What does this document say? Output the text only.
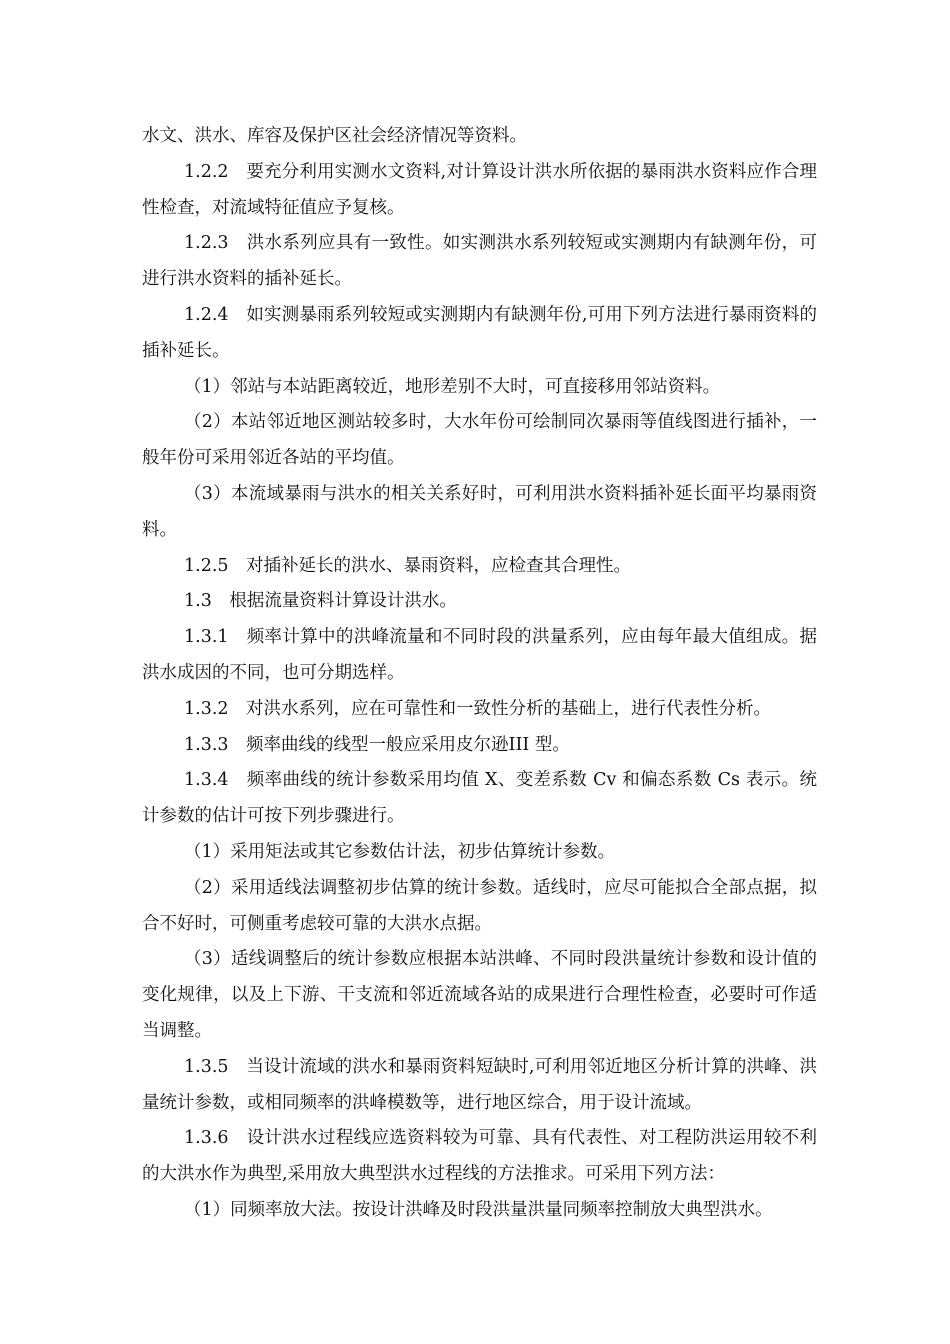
水文、洪水、库容及保护区社会经济情况等资料。

1.2.2　要充分利用实测水文资料,对计算设计洪水所依据的暴雨洪水资料应作合理性检查，对流域特征值应予复核。

1.2.3　洪水系列应具有一致性。如实测洪水系列较短或实测期内有缺测年份，可进行洪水资料的插补延长。

1.2.4　如实测暴雨系列较短或实测期内有缺测年份,可用下列方法进行暴雨资料的插补延长。

（1）邻站与本站距离较近，地形差别不大时，可直接移用邻站资料。

（2）本站邻近地区测站较多时，大水年份可绘制同次暴雨等值线图进行插补，一般年份可采用邻近各站的平均值。

（3）本流域暴雨与洪水的相关关系好时，可利用洪水资料插补延长面平均暴雨资料。

1.2.5　对插补延长的洪水、暴雨资料，应检查其合理性。

1.3　根据流量资料计算设计洪水。

1.3.1　频率计算中的洪峰流量和不同时段的洪量系列，应由每年最大值组成。据洪水成因的不同，也可分期选样。

1.3.2　对洪水系列，应在可靠性和一致性分析的基础上，进行代表性分析。

1.3.3　频率曲线的线型一般应采用皮尔逊III 型。

1.3.4　频率曲线的统计参数采用均值 X、变差系数 Cv 和偏态系数 Cs 表示。统计参数的估计可按下列步骤进行。

（1）采用矩法或其它参数估计法，初步估算统计参数。

（2）采用适线法调整初步估算的统计参数。适线时，应尽可能拟合全部点据，拟合不好时，可侧重考虑较可靠的大洪水点据。

（3）适线调整后的统计参数应根据本站洪峰、不同时段洪量统计参数和设计值的变化规律，以及上下游、干支流和邻近流域各站的成果进行合理性检查，必要时可作适当调整。

1.3.5　当设计流域的洪水和暴雨资料短缺时,可利用邻近地区分析计算的洪峰、洪量统计参数，或相同频率的洪峰模数等，进行地区综合，用于设计流域。

1.3.6　设计洪水过程线应选资料较为可靠、具有代表性、对工程防洪运用较不利的大洪水作为典型,采用放大典型洪水过程线的方法推求。可采用下列方法：

（1）同频率放大法。按设计洪峰及时段洪量洪量同频率控制放大典型洪水。
